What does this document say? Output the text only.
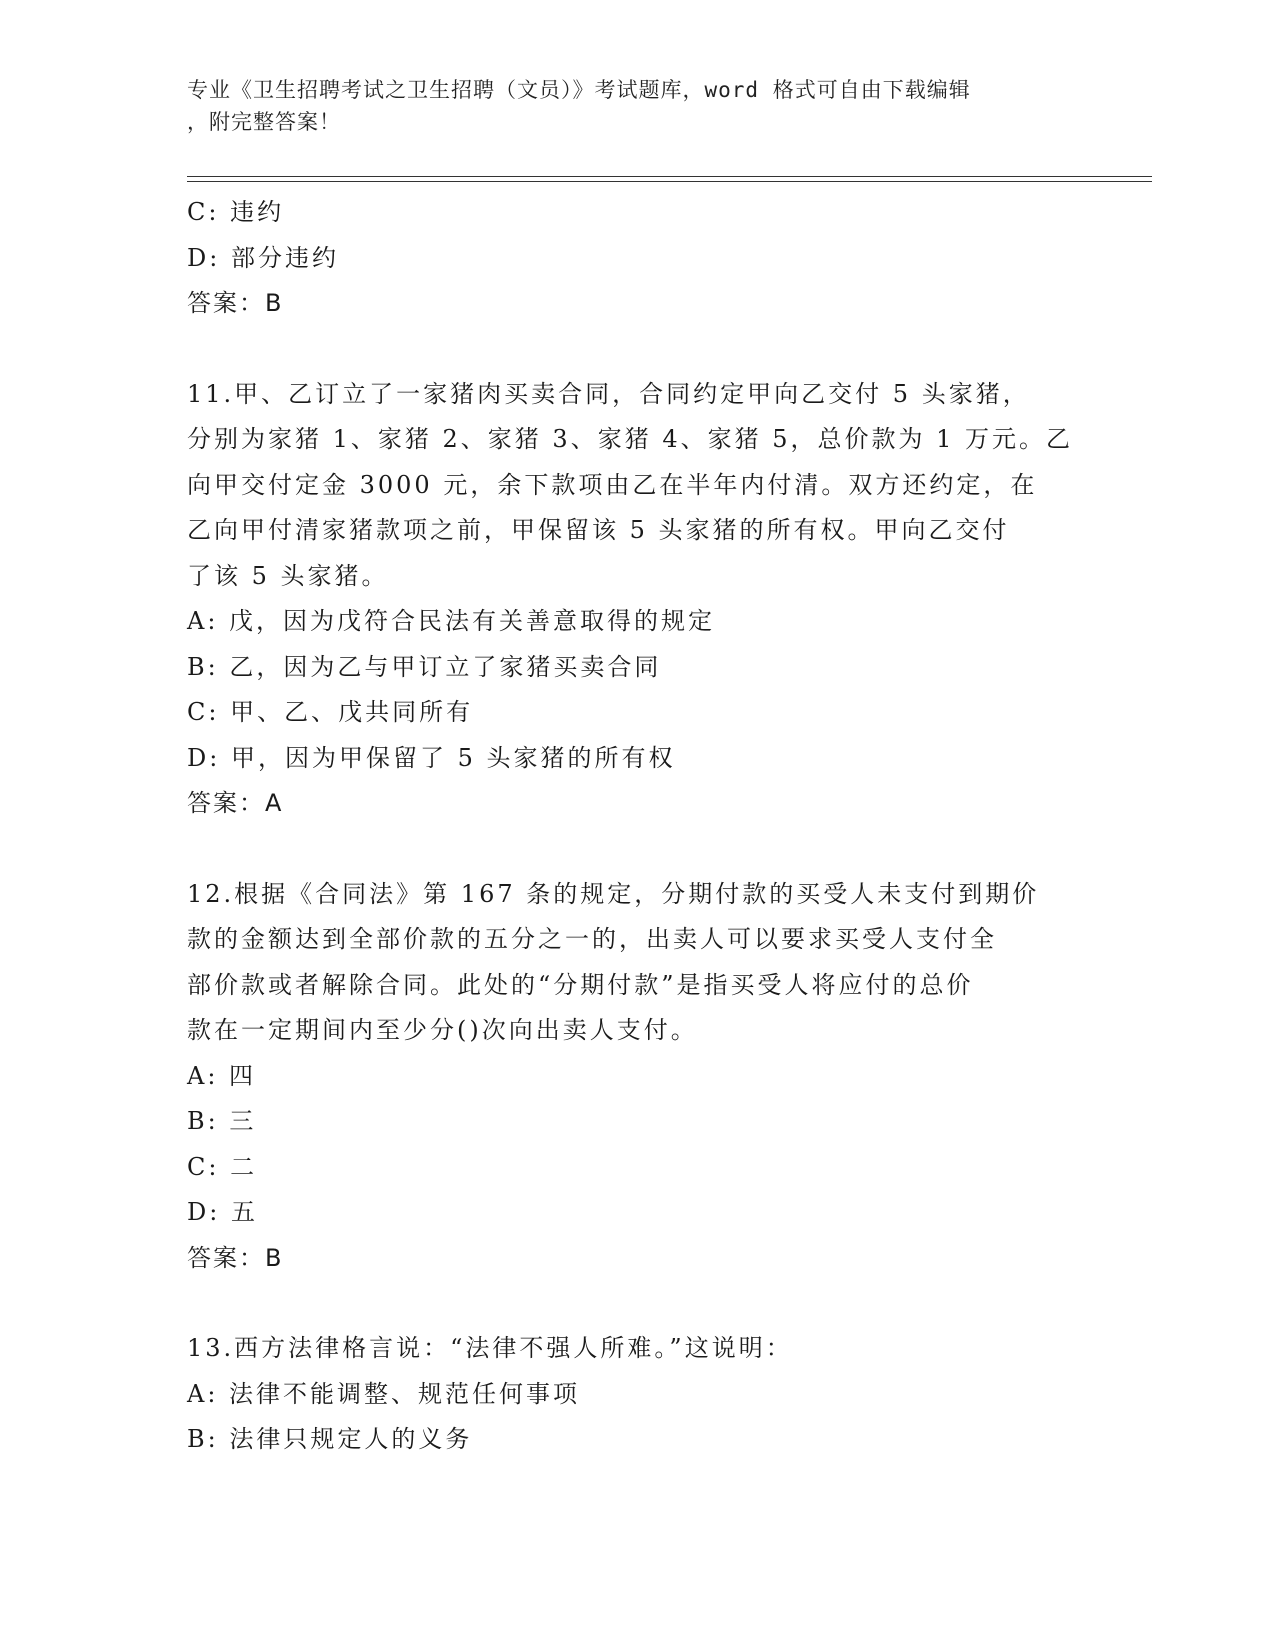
专业《卫生招聘考试之卫生招聘（文员）》考试题库，word 格式可自由下载编辑
，附完整答案！
C: 违约
D: 部分违约
答案：B
11.甲、乙订立了一家猪肉买卖合同，合同约定甲向乙交付 5 头家猪，
分别为家猪 1、家猪 2、家猪 3、家猪 4、家猪 5，总价款为 1 万元。乙
向甲交付定金 3000 元，余下款项由乙在半年内付清。双方还约定，在
乙向甲付清家猪款项之前，甲保留该 5 头家猪的所有权。甲向乙交付
了该 5 头家猪。
A: 戊，因为戊符合民法有关善意取得的规定
B: 乙，因为乙与甲订立了家猪买卖合同
C: 甲、乙、戊共同所有
D: 甲，因为甲保留了 5 头家猪的所有权
答案：A
12.根据《合同法》第 167 条的规定，分期付款的买受人未支付到期价
款的金额达到全部价款的五分之一的，出卖人可以要求买受人支付全
部价款或者解除合同。此处的“分期付款”是指买受人将应付的总价
款在一定期间内至少分()次向出卖人支付。
A: 四
B: 三
C: 二
D: 五
答案：B
13.西方法律格言说：“法律不强人所难。”这说明：
A: 法律不能调整、规范任何事项
B: 法律只规定人的义务
